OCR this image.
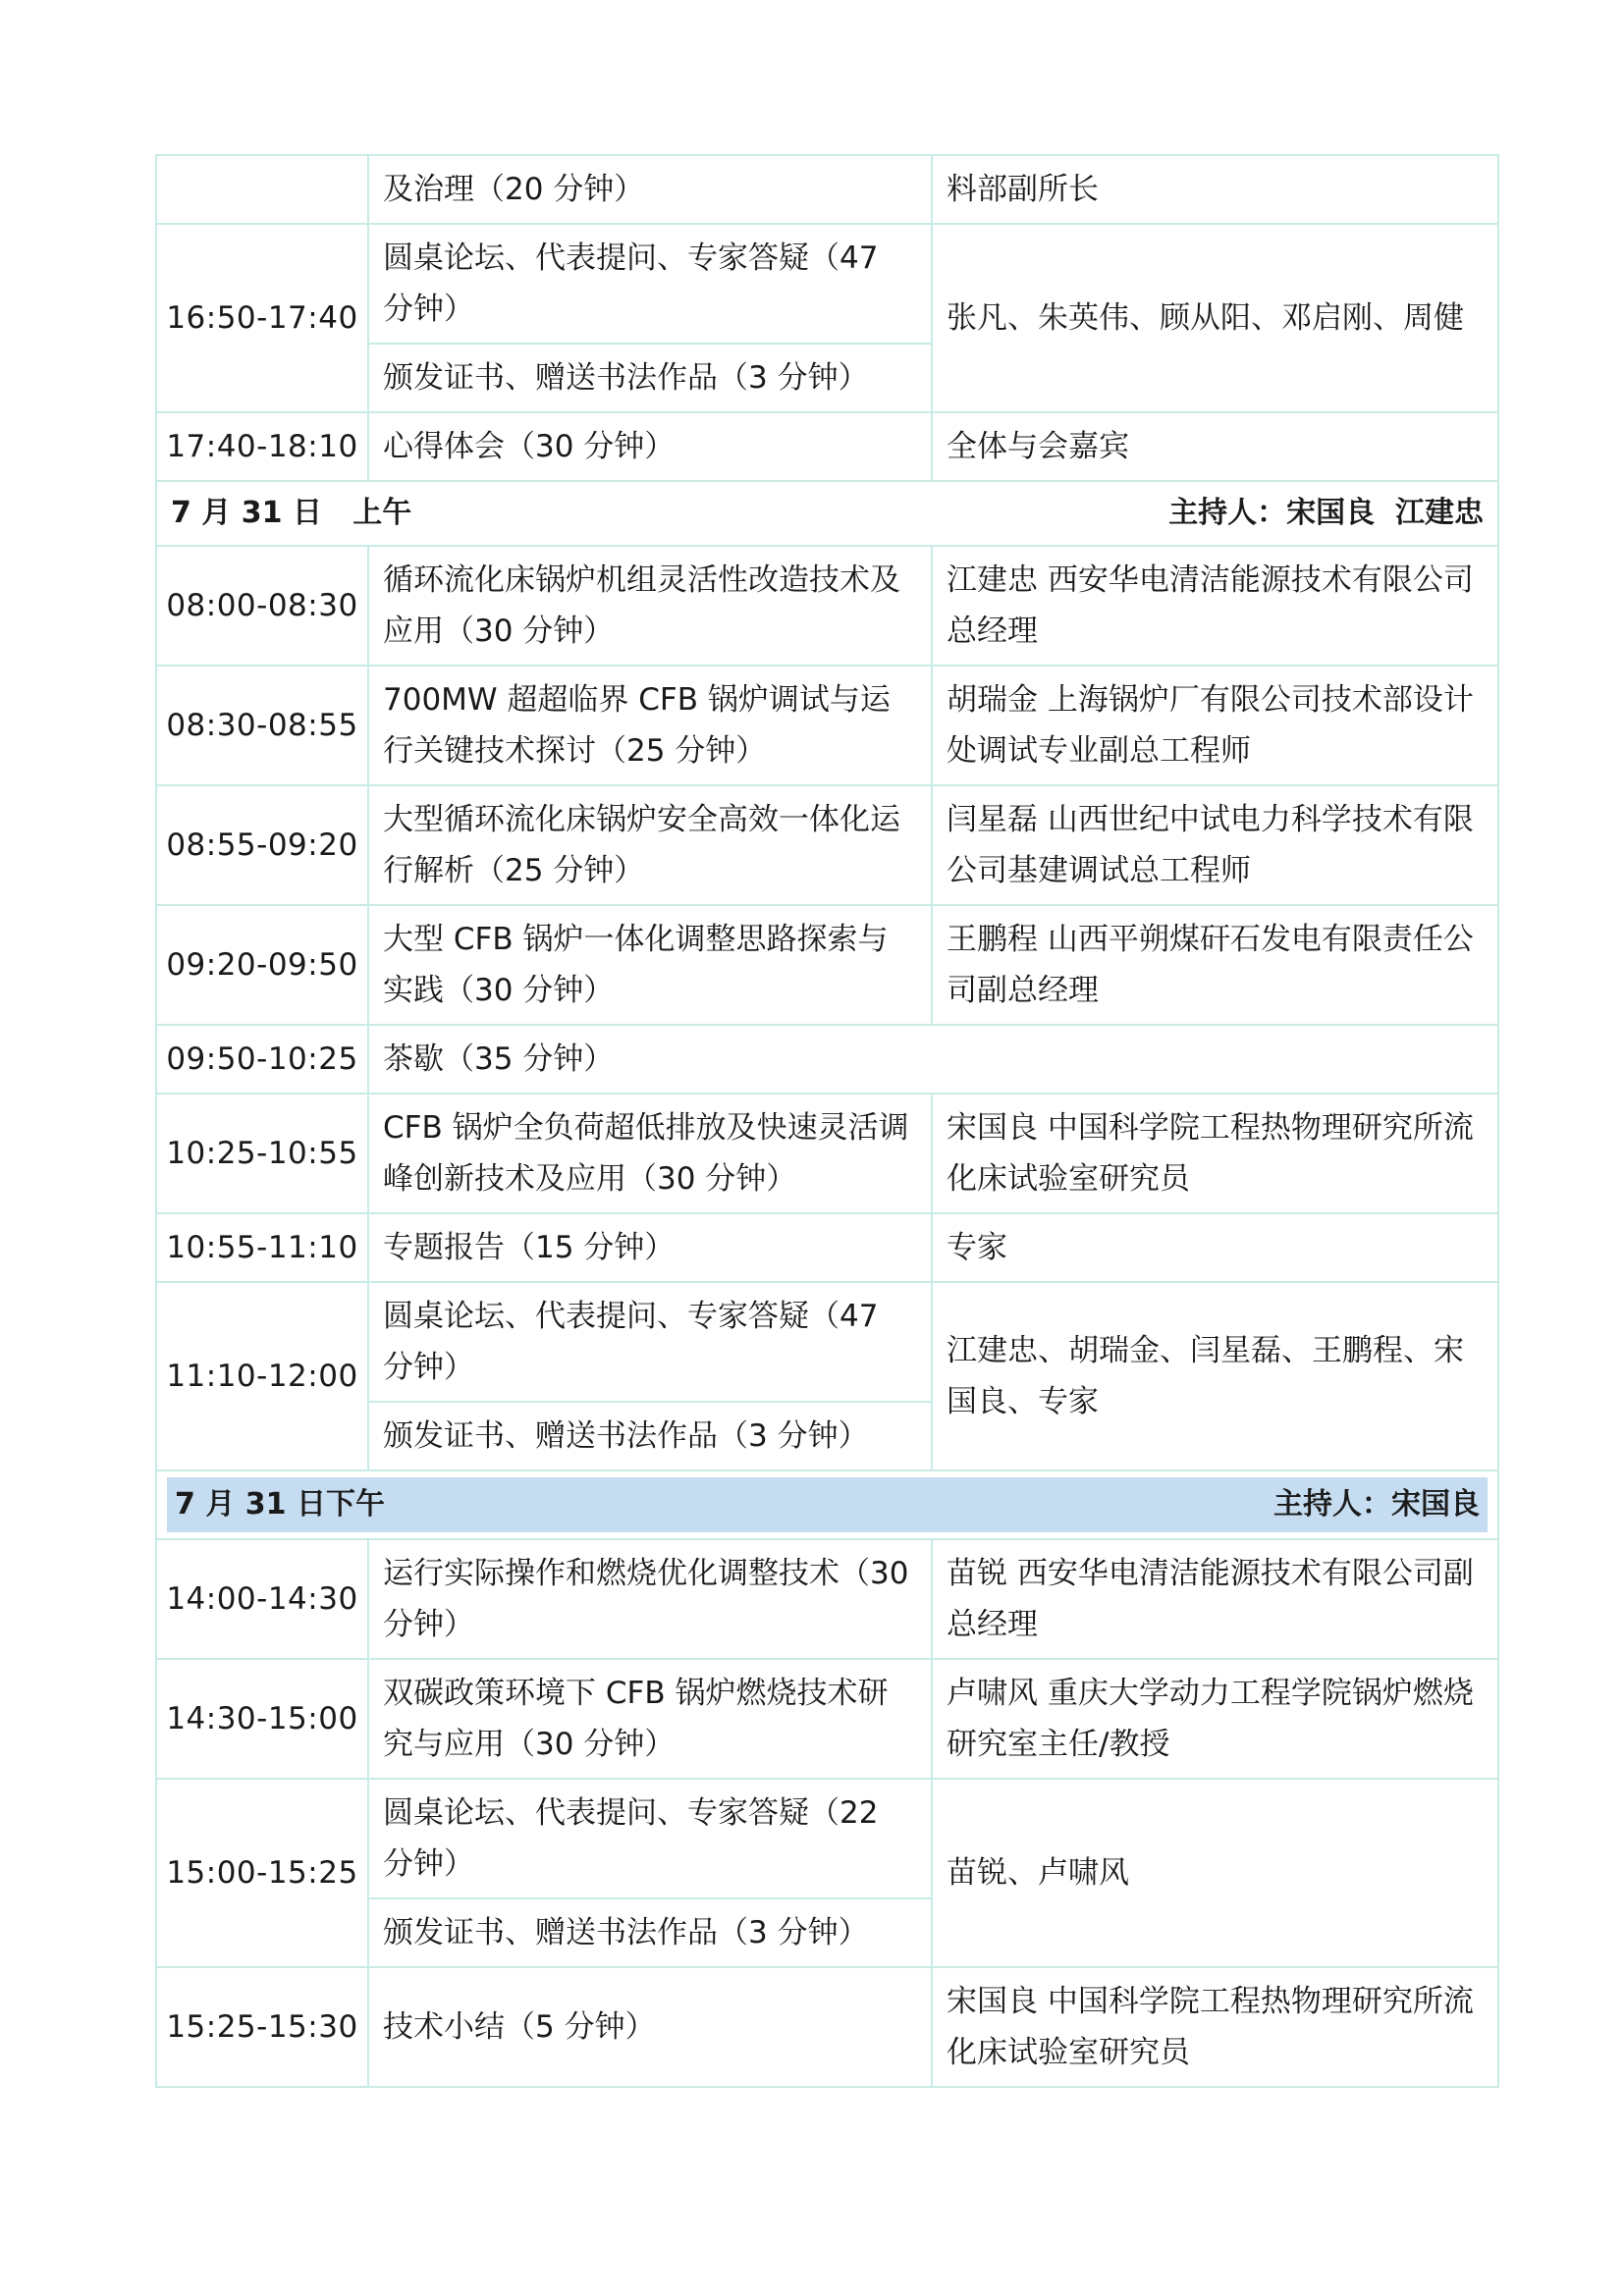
	及治理（20 分钟）	料部副所长
16:50-17:40	圆桌论坛、代表提问、专家答疑（47 分钟）	张凡、朱英伟、顾从阳、邓启刚、周健
	颁发证书、赠送书法作品（3 分钟）	
17:40-18:10	心得体会（30 分钟）	全体与会嘉宾

7 月 31 日   上午 主持人：宋国良  江建忠		

08:00-08:30	循环流化床锅炉机组灵活性改造技术及应用（30 分钟）	江建忠 西安华电清洁能源技术有限公司总经理
08:30-08:55	700MW 超超临界 CFB 锅炉调试与运行关键技术探讨（25 分钟）	胡瑞金 上海锅炉厂有限公司技术部设计处调试专业副总工程师
08:55-09:20	大型循环流化床锅炉安全高效一体化运行解析（25 分钟）	闫星磊 山西世纪中试电力科学技术有限公司基建调试总工程师
09:20-09:50	大型 CFB 锅炉一体化调整思路探索与实践（30 分钟）	王鹏程 山西平朔煤矸石发电有限责任公司副总经理
09:50-10:25	茶歇（35 分钟）	
10:25-10:55	CFB 锅炉全负荷超低排放及快速灵活调峰创新技术及应用（30 分钟）	宋国良 中国科学院工程热物理研究所流化床试验室研究员
10:55-11:10	专题报告（15 分钟）	专家
11:10-12:00	圆桌论坛、代表提问、专家答疑（47 分钟）	江建忠、胡瑞金、闫星磊、王鹏程、宋国良、专家
	颁发证书、赠送书法作品（3 分钟）	

7 月 31 日下午 主持人：宋国良		

14:00-14:30	运行实际操作和燃烧优化调整技术（30 分钟）	苗锐 西安华电清洁能源技术有限公司副总经理
14:30-15:00	双碳政策环境下 CFB 锅炉燃烧技术研究与应用（30 分钟）	卢啸风 重庆大学动力工程学院锅炉燃烧研究室主任/教授
15:00-15:25	圆桌论坛、代表提问、专家答疑（22 分钟）	苗锐、卢啸风
	颁发证书、赠送书法作品（3 分钟）	
15:25-15:30	技术小结（5 分钟）	宋国良 中国科学院工程热物理研究所流化床试验室研究员
